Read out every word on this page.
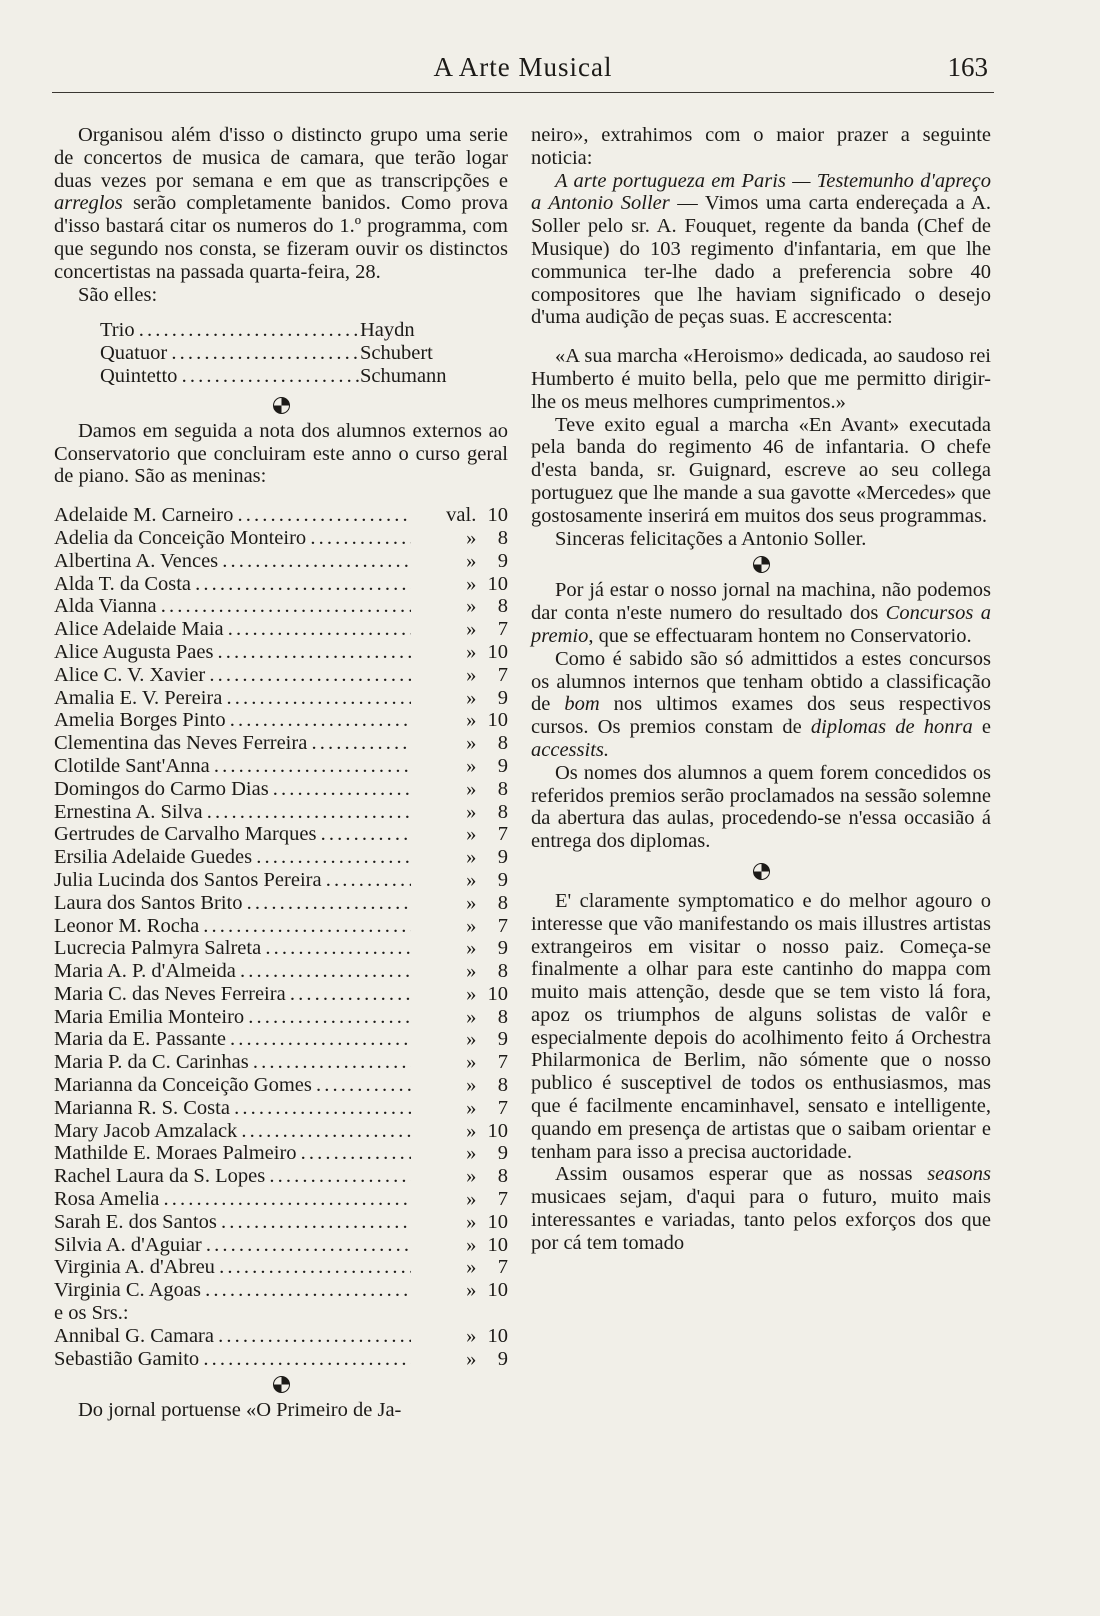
A Arte Musical	163

Organisou além d'isso o distincto grupo uma serie de concertos de musica de camara, que terão logar duas vezes por semana e em que as transcripções e arreglos serão completamente banidos. Como prova d'isso bastará citar os numeros do 1.º programma, com que segundo nos consta, se fizeram ouvir os distinctos concertistas na passada quarta-feira, 28.

São elles:

Trio . . .	Haydn
Quatuor . . .	Schubert
Quintetto . . .	Schumann

Damos em seguida a nota dos alumnos externos ao Conservatorio que concluiram este anno o curso geral de piano. São as meninas:

Adelaide M. Carneiro . . .	val. 10
Adelia da Conceição Monteiro . . .	»	8
Albertina A. Vences . . .	»	9
Alda T. da Costa . . .	» 10
Alda Vianna . . .	»	8
Alice Adelaide Maia . . .	»	7
Alice Augusta Paes . . .	» 10
Alice C. V. Xavier . . .	»	7
Amalia E. V. Pereira . . .	»	9
Amelia Borges Pinto . . .	» 10
Clementina das Neves Ferreira . . .	»	8
Clotilde Sant'Anna . . .	»	9
Domingos do Carmo Dias . . .	»	8
Ernestina A. Silva . . .	»	8
Gertrudes de Carvalho Marques . . .	»	7
Ersilia Adelaide Guedes . . .	»	9
Julia Lucinda dos Santos Pereira . . .	»	9
Laura dos Santos Brito . . .	»	8
Leonor M. Rocha . . .	»	7
Lucrecia Palmyra Salreta . . .	»	9
Maria A. P. d'Almeida . . .	»	8
Maria C. das Neves Ferreira . . .	» 10
Maria Emilia Monteiro . . .	»	8
Maria da E. Passante . . .	»	9
Maria P. da C. Carinhas . . .	»	7
Marianna da Conceição Gomes . . .	»	8
Marianna R. S. Costa . . .	»	7
Mary Jacob Amzalack . . .	» 10
Mathilde E. Moraes Palmeiro . . .	»	9
Rachel Laura da S. Lopes . . .	»	8
Rosa Amelia . . .	»	7
Sarah E. dos Santos . . .	» 10
Silvia A. d'Aguiar . . .	» 10
Virginia A. d'Abreu . . .	»	7
Virginia C. Agoas . . .	» 10
e os Srs.:
Annibal G. Camara . . .	» 10
Sebastião Gamito . . .	»	9

Do jornal portuense «O Primeiro de Ja-

neiro», extrahimos com o maior prazer a seguinte noticia:

A arte portugueza em Paris — Testemunho d'apreço a Antonio Soller — Vimos uma carta endereçada a A. Soller pelo sr. A. Fouquet, regente da banda (Chef de Musique) do 103 regimento d'infantaria, em que lhe communica ter-lhe dado a preferencia sobre 40 compositores que lhe haviam significado o desejo d'uma audição de peças suas. E accrescenta:

«A sua marcha «Heroismo» dedicada, ao saudoso rei Humberto é muito bella, pelo que me permitto dirigir-lhe os meus melhores cumprimentos.»

Teve exito egual a marcha «En Avant» executada pela banda do regimento 46 de infantaria. O chefe d'esta banda, sr. Guignard, escreve ao seu collega portuguez que lhe mande a sua gavotte «Mercedes» que gostosamente inserirá em muitos dos seus programmas.

Sinceras felicitações a Antonio Soller.

Por já estar o nosso jornal na machina, não podemos dar conta n'este numero do resultado dos Concursos a premio, que se effectuaram hontem no Conservatorio.

Como é sabido são só admittidos a estes concursos os alumnos internos que tenham obtido a classificação de bom nos ultimos exames dos seus respectivos cursos. Os premios constam de diplomas de honra e accessits.

Os nomes dos alumnos a quem forem concedidos os referidos premios serão proclamados na sessão solemne da abertura das aulas, procedendo-se n'essa occasião á entrega dos diplomas.

E' claramente symptomatico e do melhor agouro o interesse que vão manifestando os mais illustres artistas extrangeiros em visitar o nosso paiz. Começa-se finalmente a olhar para este cantinho do mappa com muito mais attenção, desde que se tem visto lá fora, apoz os triumphos de alguns solistas de valôr e especialmente depois do acolhimento feito á Orchestra Philarmonica de Berlim, não sómente que o nosso publico é susceptivel de todos os enthusiasmos, mas que é facilmente encaminhavel, sensato e intelligente, quando em presença de artistas que o saibam orientar e tenham para isso a precisa auctoridade.

Assim ousamos esperar que as nossas seasons musicaes sejam, d'aqui para o futuro, muito mais interessantes e variadas, tanto pelos exforços dos que por cá tem tomado
